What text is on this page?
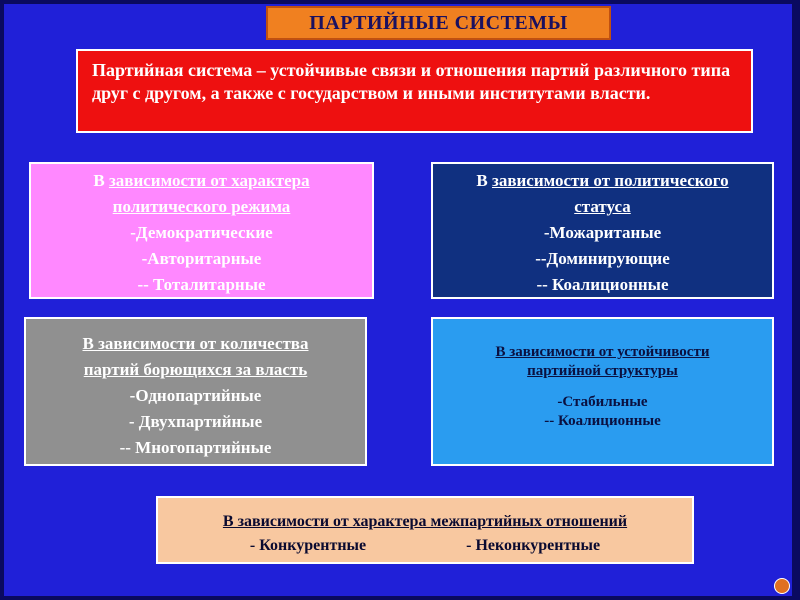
ПАРТИЙНЫЕ СИСТЕМЫ
Партийная система – устойчивые связи и отношения партий различного типа друг с другом, а также с государством и иными институтами власти.
В зависимости от характера
политического режима
-Демократические
-Авторитарные
-- Тоталитарные
В зависимости от политического
статуса
-Можаританые
--Доминирующие
-- Коалиционные
В зависимости от количества
партий борющихся за власть
-Однопартийные
- Двухпартийные
-- Многопартийные
В зависимости от устойчивости
партийной структуры
-Стабильные
-- Коалиционные
В зависимости от характера межпартийных отношений
- Конкурентные	- Неконкурентные
